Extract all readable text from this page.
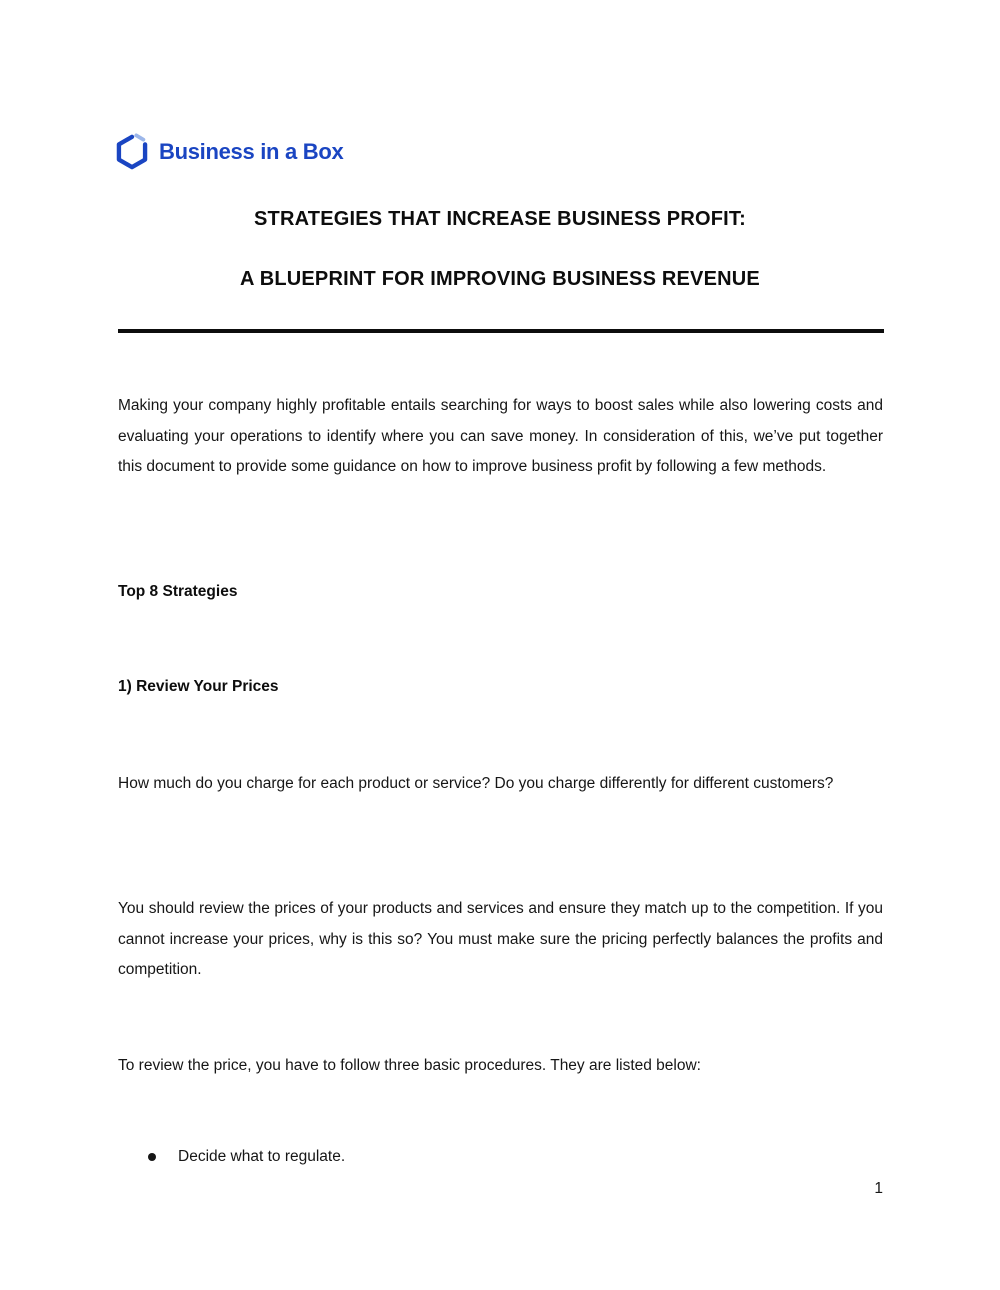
Business in a Box
STRATEGIES THAT INCREASE BUSINESS PROFIT:
A BLUEPRINT FOR IMPROVING BUSINESS REVENUE

Making your company highly profitable entails searching for ways to boost sales while also lowering costs and evaluating your operations to identify where you can save money. In consideration of this, we’ve put together this document to provide some guidance on how to improve business profit by following a few methods.

Top 8 Strategies
1) Review Your Prices

How much do you charge for each product or service? Do you charge differently for different customers?

You should review the prices of your products and services and ensure they match up to the competition. If you cannot increase your prices, why is this so? You must make sure the pricing perfectly balances the profits and competition.

To review the price, you have to follow three basic procedures. They are listed below:

Decide what to regulate.
1
